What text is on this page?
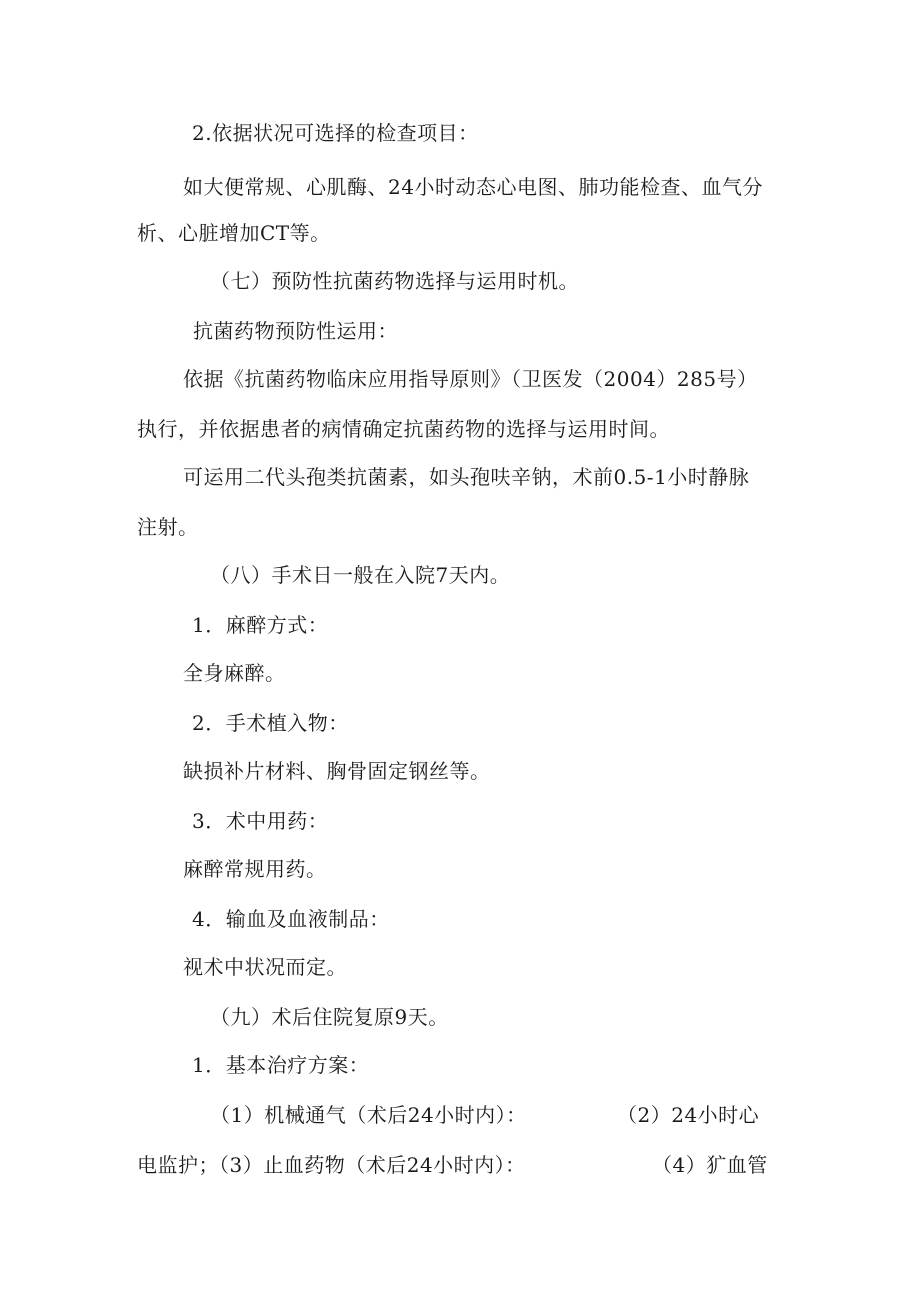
2.依据状况可选择的检查项目：
如大便常规、心肌酶、24小时动态心电图、肺功能检查、血气分
析、心脏增加CT等。
（七）预防性抗菌药物选择与运用时机。
抗菌药物预防性运用：
依据《抗菌药物临床应用指导原则》（卫医发（2004）285号）
执行，并依据患者的病情确定抗菌药物的选择与运用时间。
可运用二代头孢类抗菌素，如头孢呋辛钠，术前0.5-1小时静脉
注射。
（八）手术日一般在入院7天内。
1．麻醉方式：
全身麻醉。
2．手术植入物：
缺损补片材料、胸骨固定钢丝等。
3．术中用药：
麻醉常规用药。
4．输血及血液制品：
视术中状况而定。
（九）术后住院复原9天。
1．基本治疗方案：
（1）机械通气（术后24小时内）：	（2）24小时心
电监护；（3）止血药物（术后24小时内）：	（4）犷血管
